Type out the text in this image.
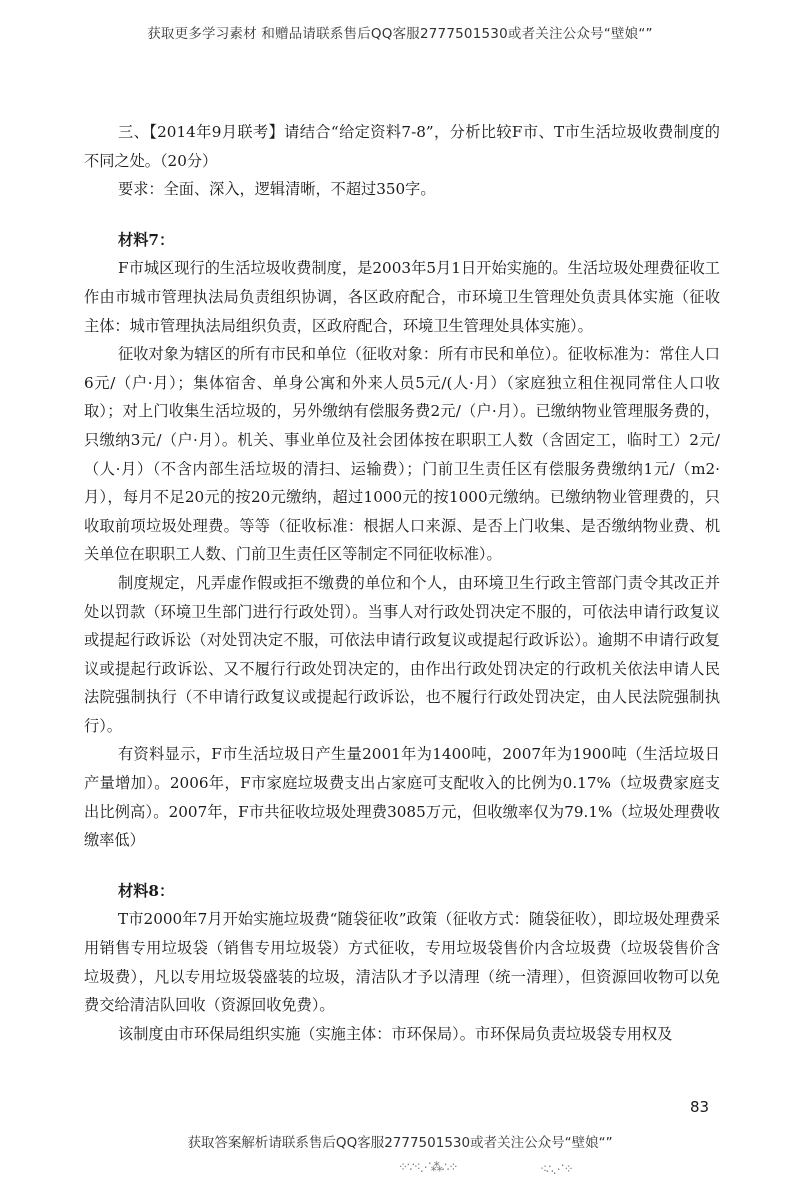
获取更多学习素材 和赠品请联系售后QQ客服2777501530或者关注公众号“壁娘“”

三、【2014年9月联考】请结合“给定资料7-8”，分析比较F市、T市生活垃圾收费制度的不同之处。（20分）

要求：全面、深入，逻辑清晰，不超过350字。

材料7：

F市城区现行的生活垃圾收费制度，是2003年5月1日开始实施的。生活垃圾处理费征收工作由市城市管理执法局负责组织协调，各区政府配合，市环境卫生管理处负责具体实施（征收主体：城市管理执法局组织负责，区政府配合，环境卫生管理处具体实施）。

征收对象为辖区的所有市民和单位（征收对象：所有市民和单位）。征收标准为：常住人口6元/（户·月）；集体宿舍、单身公寓和外来人员5元/(人·月）（家庭独立租住视同常住人口收取）；对上门收集生活垃圾的，另外缴纳有偿服务费2元/（户·月）。已缴纳物业管理服务费的，只缴纳3元/（户·月）。机关、事业单位及社会团体按在职职工人数（含固定工，临时工）2元/（人·月）（不含内部生活垃圾的清扫、运输费）；门前卫生责任区有偿服务费缴纳1元/（m2·月），每月不足20元的按20元缴纳，超过1000元的按1000元缴纳。已缴纳物业管理费的，只收取前项垃圾处理费。等等（征收标准：根据人口来源、是否上门收集、是否缴纳物业费、机关单位在职职工人数、门前卫生责任区等制定不同征收标准）。

制度规定，凡弄虚作假或拒不缴费的单位和个人，由环境卫生行政主管部门责令其改正并处以罚款（环境卫生部门进行行政处罚）。当事人对行政处罚决定不服的，可依法申请行政复议或提起行政诉讼（对处罚决定不服，可依法申请行政复议或提起行政诉讼）。逾期不申请行政复议或提起行政诉讼、又不履行行政处罚决定的，由作出行政处罚决定的行政机关依法申请人民法院强制执行（不申请行政复议或提起行政诉讼，也不履行行政处罚决定，由人民法院强制执行）。

有资料显示，F市生活垃圾日产生量2001年为1400吨，2007年为1900吨（生活垃圾日产量增加）。2006年，F市家庭垃圾费支出占家庭可支配收入的比例为0.17%（垃圾费家庭支出比例高）。2007年，F市共征收垃圾处理费3085万元，但收缴率仅为79.1%（垃圾处理费收缴率低）

材料8：

T市2000年7月开始实施垃圾费“随袋征收”政策（征收方式：随袋征收），即垃圾处理费采用销售专用垃圾袋（销售专用垃圾袋）方式征收，专用垃圾袋售价内含垃圾费（垃圾袋售价含垃圾费），凡以专用垃圾袋盛装的垃圾，清洁队才予以清理（统一清理），但资源回收物可以免费交给清洁队回收（资源回收免费）。

该制度由市环保局组织实施（实施主体：市环保局）。市环保局负责垃圾袋专用权及

83
获取答案解析请联系售后QQ客服2777501530或者关注公众号“壁娘“”
⁘∵⁖⋰⁂∴⁘	⁖∴⋰⁘
